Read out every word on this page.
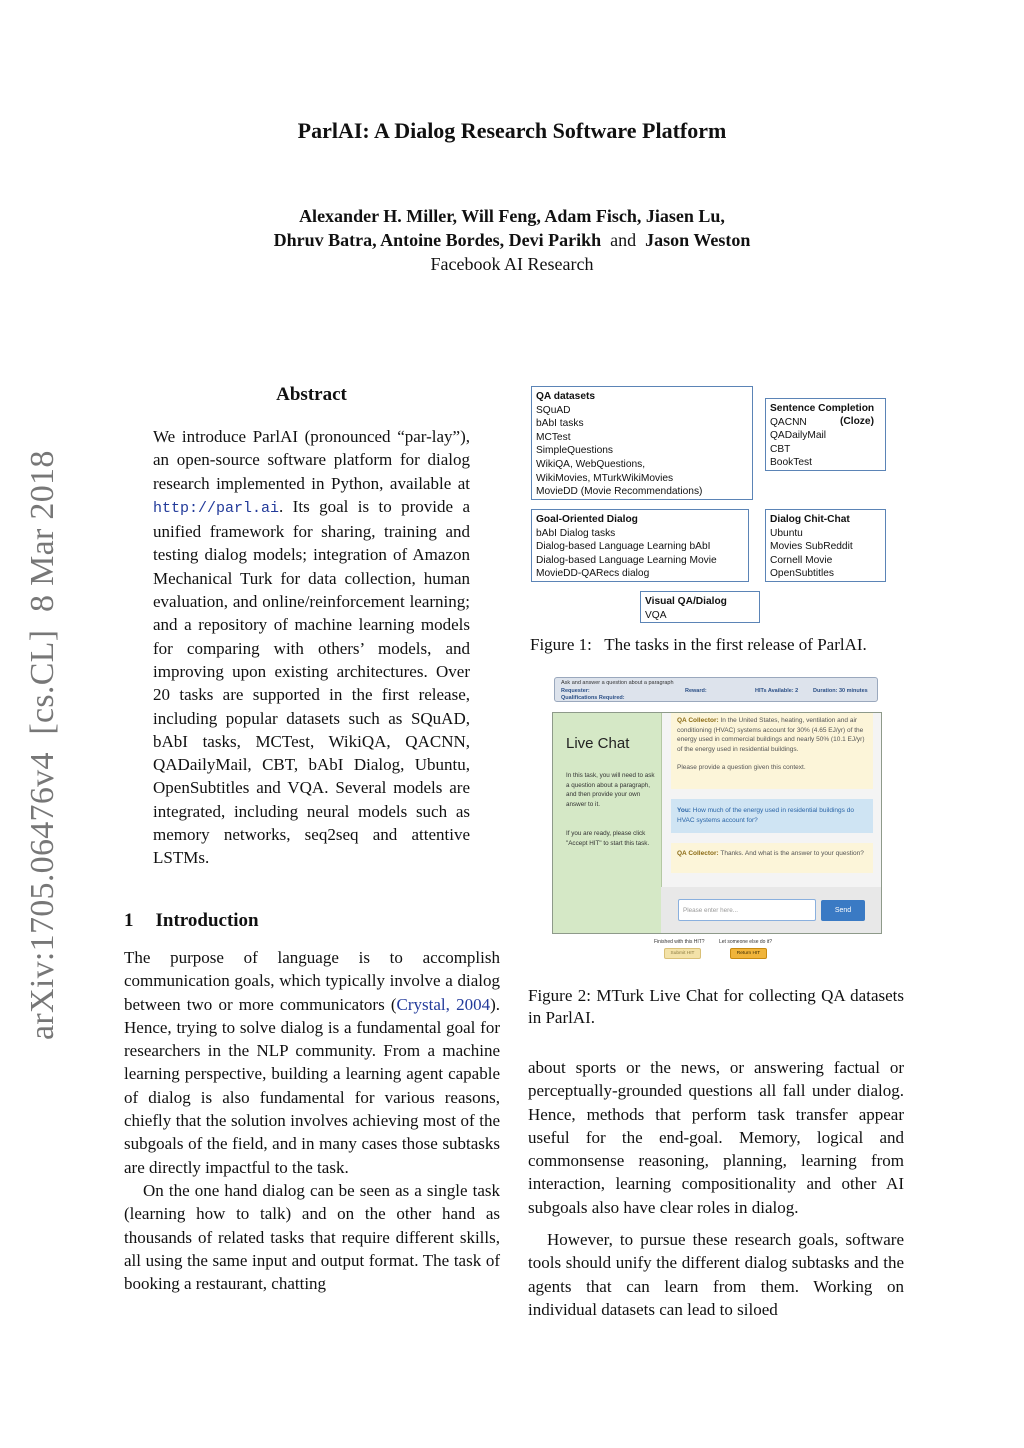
ParlAI: A Dialog Research Software Platform
Alexander H. Miller, Will Feng, Adam Fisch, Jiasen Lu,
Dhruv Batra, Antoine Bordes, Devi Parikh and Jason Weston
Facebook AI Research
arXiv:1705.06476v4  [cs.CL]  8 Mar 2018
Abstract
We introduce ParlAI (pronounced “par-lay”), an open-source software platform for dialog research implemented in Python, available at http://parl.ai. Its goal is to provide a unified framework for sharing, training and testing dialog models; integration of Amazon Mechanical Turk for data collection, human evaluation, and online/reinforcement learning; and a repository of machine learning models for comparing with others’ models, and improving upon existing architectures. Over 20 tasks are supported in the first release, including popular datasets such as SQuAD, bAbI tasks, MCTest, WikiQA, QACNN, QADailyMail, CBT, bAbI Dialog, Ubuntu, OpenSubtitles and VQA. Several models are integrated, including neural models such as memory networks, seq2seq and attentive LSTMs.
1 Introduction

The purpose of language is to accomplish communication goals, which typically involve a dialog between two or more communicators (Crystal, 2004). Hence, trying to solve dialog is a fundamental goal for researchers in the NLP community. From a machine learning perspective, building a learning agent capable of dialog is also fundamental for various reasons, chiefly that the solution involves achieving most of the subgoals of the field, and in many cases those subtasks are directly impactful to the task.

On the one hand dialog can be seen as a single task (learning how to talk) and on the other hand as thousands of related tasks that require different skills, all using the same input and output format. The task of booking a restaurant, chatting

QA datasets
SQuAD
bAbI tasks
MCTest
SimpleQuestions
WikiQA, WebQuestions,
WikiMovies, MTurkWikiMovies
MovieDD (Movie Recommendations)
Sentence Completion
QACNN	(Cloze)
QADailyMail
CBT
BookTest
Goal-Oriented Dialog
bAbI Dialog tasks
Dialog-based Language Learning bAbI
Dialog-based Language Learning Movie
MovieDD-QARecs dialog
Dialog Chit-Chat
Ubuntu
Movies SubReddit
Cornell Movie
OpenSubtitles
Visual QA/Dialog
VQA
Figure 1:   The tasks in the first release of ParlAI.
Ask and answer a question about a paragraph
Requester:	Reward:	HITs Available: 2	Duration: 30 minutes
Qualifications Required:
Live Chat
In this task, you will need to ask a question about a paragraph, and then provide your own answer to it.
If you are ready, please click "Accept HIT" to start this task.
QA Collector: In the United States, heating, ventilation and air conditioning (HVAC) systems account for 30% (4.65 EJ/yr) of the energy used in commercial buildings and nearly 50% (10.1 EJ/yr) of the energy used in residential buildings.
Please provide a question given this context.
You: How much of the energy used in residential buildings do HVAC systems account for?
QA Collector: Thanks. And what is the answer to your question?
Please enter here...	Send
Finished with this HIT?	Let someone else do it?
Submit HIT	Return HIT
Figure 2: MTurk Live Chat for collecting QA datasets in ParlAI.

about sports or the news, or answering factual or perceptually-grounded questions all fall under dialog. Hence, methods that perform task transfer appear useful for the end-goal. Memory, logical and commonsense reasoning, planning, learning from interaction, learning compositionality and other AI subgoals also have clear roles in dialog.

However, to pursue these research goals, software tools should unify the different dialog subtasks and the agents that can learn from them. Working on individual datasets can lead to siloed
